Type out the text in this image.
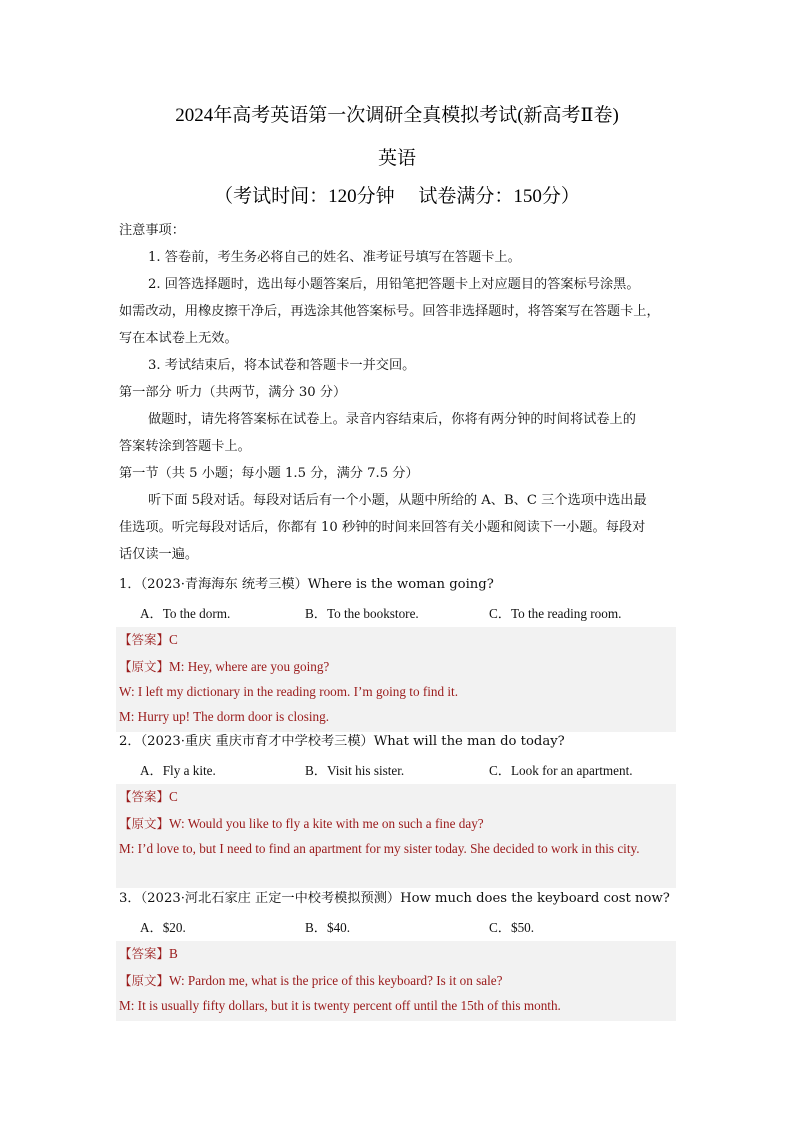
2024年高考英语第一次调研全真模拟考试(新高考Ⅱ卷)
英语
（考试时间：120分钟　 试卷满分：150分）
注意事项：
1. 答卷前，考生务必将自己的姓名、准考证号填写在答题卡上。
2. 回答选择题时，选出每小题答案后，用铅笔把答题卡上对应题目的答案标号涂黑。
如需改动，用橡皮擦干净后，再选涂其他答案标号。回答非选择题时，将答案写在答题卡上，
写在本试卷上无效。
3. 考试结束后，将本试卷和答题卡一并交回。
第一部分 听力（共两节，满分 30 分）
做题时，请先将答案标在试卷上。录音内容结束后，你将有两分钟的时间将试卷上的
答案转涂到答题卡上。
第一节（共 5 小题；每小题 1.5 分，满分 7.5 分）
听下面 5段对话。每段对话后有一个小题，从题中所给的 A、B、C 三个选项中选出最
佳选项。听完每段对话后，你都有 10 秒钟的时间来回答有关小题和阅读下一小题。每段对
话仅读一遍。
1．（2023·青海海东 统考三模）Where is the woman going?
A．To the dorm.	B．To the bookstore.	C．To the reading room.
【答案】C
【原文】M: Hey, where are you going?
W: I left my dictionary in the reading room. I’m going to find it.
M: Hurry up! The dorm door is closing.
2．（2023·重庆 重庆市育才中学校考三模）What will the man do today?
A．Fly a kite.	B．Visit his sister.	C．Look for an apartment.
【答案】C
【原文】W: Would you like to fly a kite with me on such a fine day?
M: I’d love to, but I need to find an apartment for my sister today. She decided to work in this city.
3．（2023·河北石家庄 正定一中校考模拟预测）How much does the keyboard cost now?
A．$20.	B．$40.	C．$50.
【答案】B
【原文】W: Pardon me, what is the price of this keyboard? Is it on sale?
M: It is usually fifty dollars, but it is twenty percent off until the 15th of this month.
